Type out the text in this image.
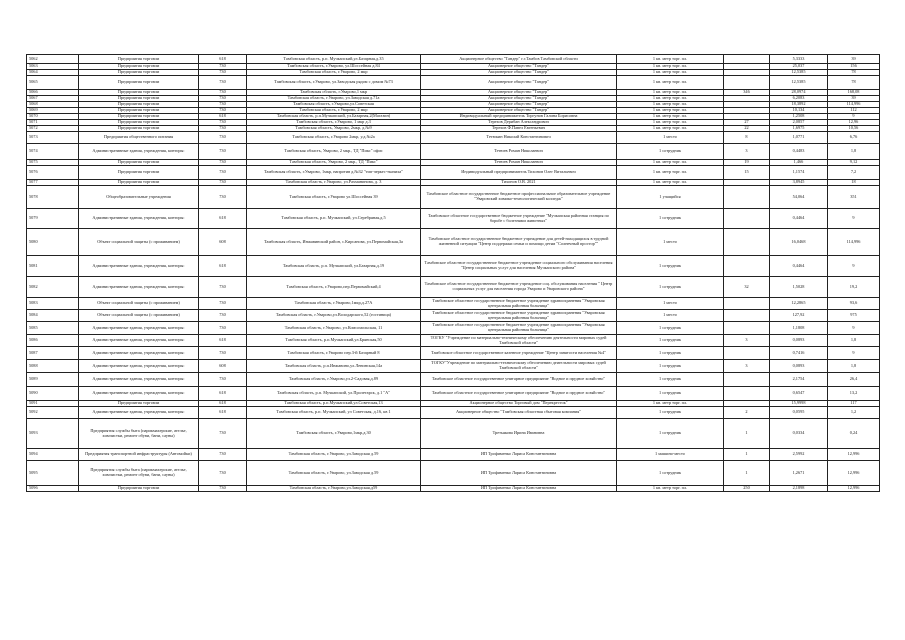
5062	Предприятия торговли	618	Тамбовская область, р.п. Мучкапский,ул.Базарная,д.35	Акционерное общество "Тандер" г.г.Тамбов Тамбовской области	1 кв. метр торг. пл.		5,3333	39
5063	Предприятия торговли	730	Тамбовская область, г.Уварово, ул.Шоссейная д.84	Акционерное общество "Тандер"	1 кв. метр торг. пл.		25,037	156
5064	Предприятия торговли	730	Тамбовская область, г.Уварово, 2 мкр	Акционерное общество "Тандер"	1 кв. метр торг. пл.		12,5385	78
5065	Предприятия торговли	730	Тамбовская область, г.Уварово, ул.Заводская рядом с домом №73	Акционерное общество "Тандер"	1 кв. метр торг. пл.		12,5385	78
5066	Предприятия торговли	730	Тамбовская область, г.Уварово,1 мкр	Акционерное общество "Тандер"	1 кв. метр торг. пл.	346	28,0974	168,08
5067	Предприятия торговли	730	Тамбовская область, г.Уварово, ул.Заводская д.71а	Акционерное общество "Тандер"	1 кв. метр торг. пл.		6,2083	39
5068	Предприятия торговли	730	Тамбовская область, г.Уварово,ул.Советская	Акционерное общество "Тандер"	1 кв. метр торг. пл.		18,3892	114,996
5069	Предприятия торговли	730	Тамбовская область, г.Уварово, 2 мкр	Акционерное общество "Тандер"	1 кв. метр торг. пл.		10,134	112
5070	Предприятия торговли	618	Тамбовская область, р.п.Мучкапский, ул.Базарная,2(Магазин)	Индивидуальный предприниматель Торгунов Галина Борисовна	1 кв. метр торг. пл.		1,2508	9
5071	Предприятия торговли	730	Тамбовская область, г.Уварово, 1 мкр д.3	Терехов Дерибан Александрович	1 кв. метр торг. пл.	27	2,0857	12,96
5072	Предприятия торговли	730	Тамбовская область, Уварово, 2мкр, д.№9	Терехов Ф.Павел Евгеньевич	1 кв. метр торг. пл.	22	1,6975	10,56
5073	Предприятия общественного питания	730	Тамбовская область, г.Уварово 2мкр, у.д.№2а	Тетюкин Николай Константинович	1 место	8	1,0771	6,76
5074	Административные здания, учреждения, конторы:	730	Тамбовская область, Уварово, 2 мкр., ТД "Пикс" офис	Тетюев Роман Николаевич	1 сотрудник	3	0,4483	1,8
5075	Предприятия торговли	730	Тамбовская область, Уварово, 2 мкр., ТД "Пикс"	Тетюев Роман Николаевич	1 кв. метр торг. пл.	19	1,466	9,12
5076	Предприятия торговли	730	Тамбовская область, г.Уварово, 1мкр, напротив д.№32 "тип-черкес-ткачиха"	Индивидуальный предприниматель Тихонов Олег Витальевич	1 кв. метр торг. пл.	15	1,1574	7,2
5077	Предприятия торговли	730	Тамбовская область, г.Уварово, ул.Рахманинова, д. 3	Тихонов О.В. 2021	1 кв. метр торг. пл.		3,8945	18
5078	Общеобразовательные учреждения	730	Тамбовская область, г.Уварово ул.Шоссейная 39	Тамбовское областное государственное бюджетное профессиональное образовательное учреждение "Уваровский химико-технологический колледж"	1 учащийся		54,064	351
5079	Административные здания, учреждения, конторы:	618	Тамбовская область, р.п. Мучкапский, ул.Серебряная,д.5	Тамбовское областное государственное бюджетное учреждение "Мучкапская районная станция по борьбе с болезнями животных"	1 сотрудник		0,4464	9
5080	Объект социальной защиты (с проживанием)	608	Тамбовская область, Инжавинский район, с.Кирсанова, ул.Первомайская,3а	Тамбовское областное государственное бюджетное учреждение для детей-находящихся в трудной жизненной ситуации "Центр поддержки семьи и помощи детям "Солнечный простор""	1 место		16,0468	114,996
5081	Административные здания, учреждения, конторы:	618	Тамбовская область, р.п. Мучкапский, ул.Базарная,д.19	Тамбовское областное государственное бюджетное учреждение социального обслуживания населения "Центр социальных услуг для населения Мучкапского района"	1 сотрудник		0,4464	9
5082	Административные здания, учреждения, конторы:	730	Тамбовская область, г.Уварово,пер.Первомайский,4	Тамбовское областное государственное бюджетное учреждение соц. обслуживания населения " Центр социальных услуг для населения города Уварово и Уваровского района"	1 сотрудник	32	1,5028	19,2
5083	Объект социальной защиты (с проживанием)	730	Тамбовская область, г.Уварово,1мкр,д.27А	Тамбовское областное государственное бюджетное учреждение здравоохранения "Уваровская центральная районная больница"	1 место		12,2865	93,6
5084	Объект социальной защиты (с проживанием)	730	Тамбовская область, г.Уварово,ул.Володарского,52 (гостиница)	Тамбовское областное государственное бюджетное учреждение здравоохранения "Уваровская центральная районная больница"	1 место		127,92	975
5085	Административные здания, учреждения, конторы:	730	Тамбовская область, г.Уварово, ул.Комсомольская, 11	Тамбовское областное государственное бюджетное учреждение здравоохранения "Уваровская центральная районная больница"	1 сотрудник		1,1808	9
5086	Административные здания, учреждения, конторы:	618	Тамбовская область, р.п.Мучкапский,ул.Брянская,50	ТОГКУ "Учреждение по материально-техническому обеспечению деятельности мировых судей Тамбовской области"	1 сотрудник	3	0,0893	1,8
5087	Административные здания, учреждения, конторы:	730	Тамбовская область, г.Уварово пер.3-й Базарный 8	Тамбовское областное государственное казенное учреждение "Центр занятости населения №4"	1 сотрудник		0,7416	9
5088	Административные здания, учреждения, конторы:	608	Тамбовская область, р.п.Инжавино,ул.Ленинская,14а	ТОГКУ"Учреждение по материально-техническому обеспечению деятельности мировых судей Тамбовской области"	1 сотрудник	3	0,0893	1,8
5089	Административные здания, учреждения, конторы:	730	Тамбовская область, г.Уварово,ул.2-Садовая,д.89	Тамбовское областное государственное унитарное предприятие "Водное и прудное хозяйство"	1 сотрудник		2,1754	26,4
5090	Административные здания, учреждения, конторы:	618	Тамбовская область, р.п. Мучкапский, ул.Пролетарск, д.1 "А"	Тамбовское областное государственное унитарное предприятие "Водное и прудное хозяйство"	1 сотрудник		0,6547	13,2
5091	Предприятия торговли	618	Тамбовская область, р.п.Мучкапский,ул.Советская,13	Акционерное общество Торговый дом "Перекресток"	1 кв. метр торг. пл.		15,9998	117
5092	Административные здания, учреждения, конторы:	618	Тамбовская область, р.п. Мучкапский, ул Советская, д.16, кв 1	Акционерное общество "Тамбовская областная сбытовая компания"	1 сотрудник	2	0,0595	1,2
5093	Предприятия службы быта (парикмахерские, ателье, химчистки, ремонт обуви, бани, сауны)	730	Тамбовская область, г.Уварово,1мкр,д.30	Третьякова Ирина Ивановна	1 сотрудник	1	0,0334	0,24
5094	Предприятия транспортной инфраструктуры (Автомойки)	730	Тамбовская область, г.Уварово, ул.Заводская д.59	ИП Трофименко Лариса Константиновна	1 машино-место	1	2,5992	12,996
5095	Предприятия службы быта (парикмахерские, ателье, химчистки, ремонт обуви, бани, сауны)	730	Тамбовская область, г.Уварово, ул.Заводская д.59	ИП Трофименко Лариса Константиновна	1 сотрудник	1	1,2671	12,996
5096	Предприятия торговли	730	Тамбовская область, г.Уварово,ул.Заводская,д59	ИП Трофименко Лариса Константиновна	1 кв. метр торг. пл.	250	2,1898	12,996
